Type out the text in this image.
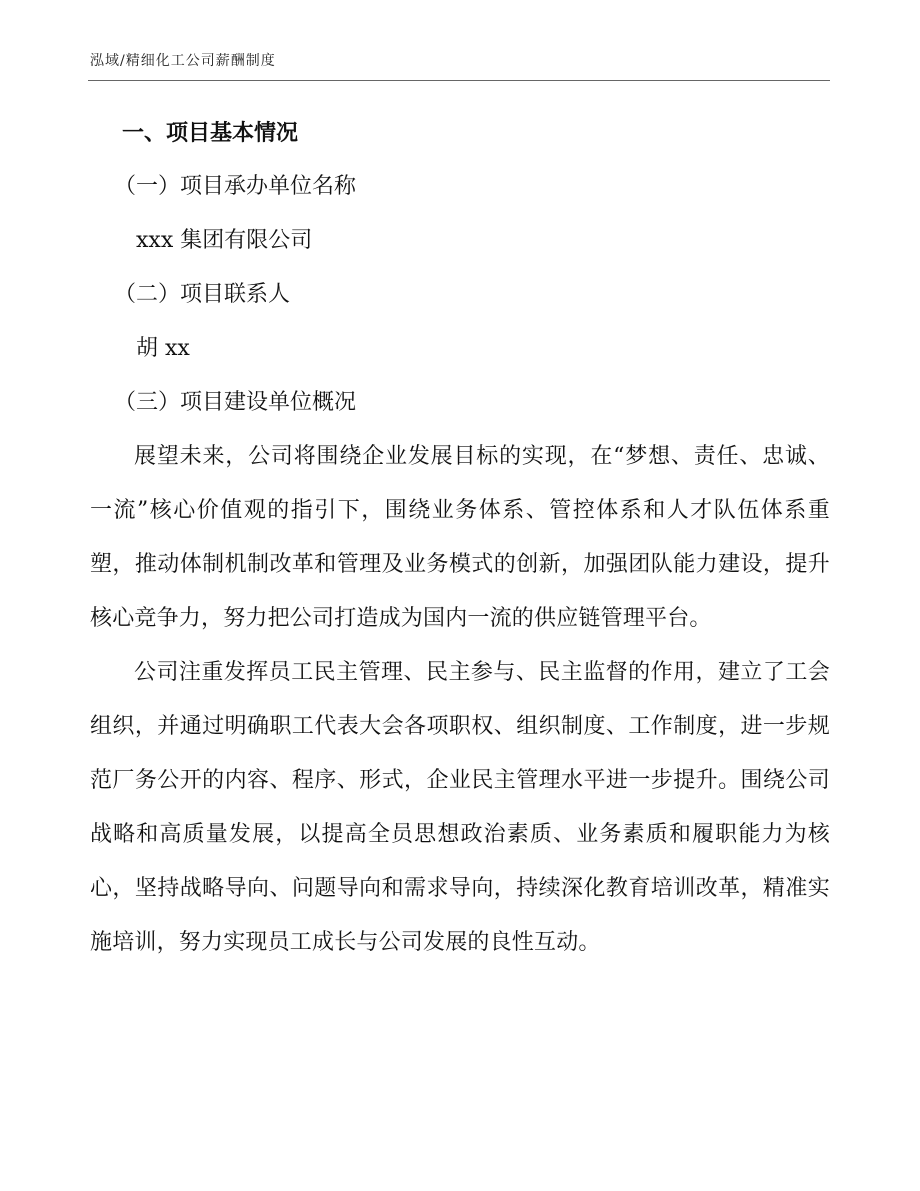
泓域/精细化工公司薪酬制度
一、项目基本情况

（一）项目承办单位名称

xxx 集团有限公司

（二）项目联系人

胡 xx

（三）项目建设单位概况

展望未来，公司将围绕企业发展目标的实现，在“梦想、责任、忠诚、一流”核心价值观的指引下，围绕业务体系、管控体系和人才队伍体系重塑，推动体制机制改革和管理及业务模式的创新，加强团队能力建设，提升核心竞争力，努力把公司打造成为国内一流的供应链管理平台。

公司注重发挥员工民主管理、民主参与、民主监督的作用，建立了工会组织，并通过明确职工代表大会各项职权、组织制度、工作制度，进一步规范厂务公开的内容、程序、形式，企业民主管理水平进一步提升。围绕公司战略和高质量发展，以提高全员思想政治素质、业务素质和履职能力为核心，坚持战略导向、问题导向和需求导向，持续深化教育培训改革，精准实施培训，努力实现员工成长与公司发展的良性互动。
